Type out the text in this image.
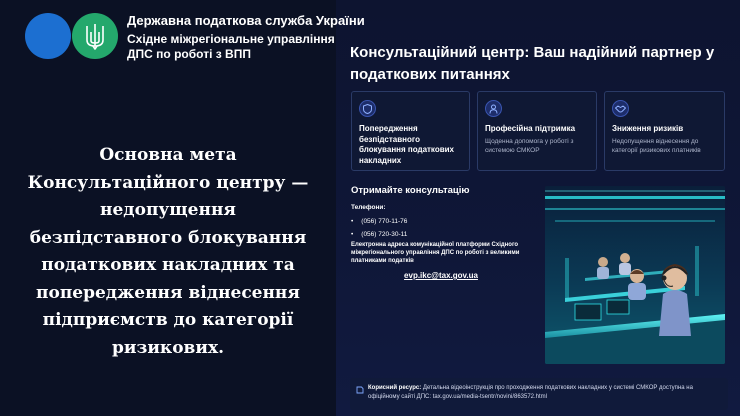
Державна податкова служба України
Східне міжрегіональне управління ДПС по роботі з ВПП
Основна мета Консультаційного центру — недопущення безпідставного блокування податкових накладних та попередження віднесення підприємств до категорії ризикових.
Консультаційний центр: Ваш надійний партнер у податкових питаннях
Попередження безпідставного блокування податкових накладних
Професійна підтримка
Щоденна допомога у роботі з системою СМКОР
Зниження ризиків
Недопущення віднесення до категорії ризикових платників
Отримайте консультацію
Телефони:
• (056) 770-11-76
• (056) 720-30-11
Електронна адреса комунікаційної платформи Східного міжрегіонального управління ДПС по роботі з великими платниками податків
evp.ikc@tax.gov.ua
Корисний ресурс: Детальна відеоінструкція про проходження податкових накладних у системі СМКОР доступна на офіційному сайті ДПС: tax.gov.ua/media-tsentr/novini/863572.html
